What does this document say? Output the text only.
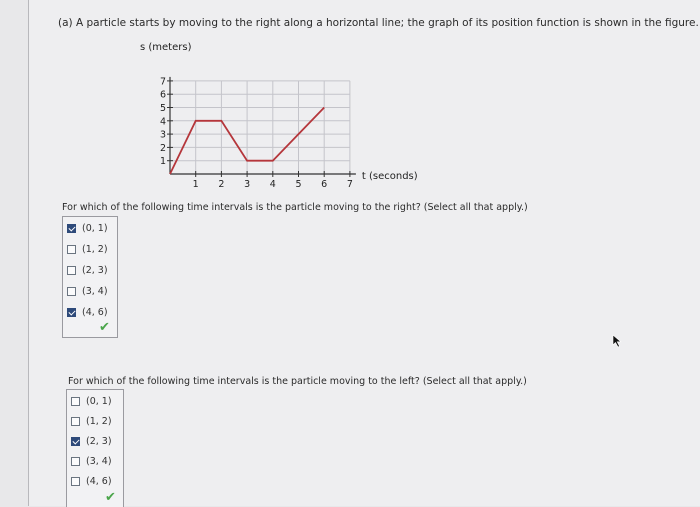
(a) A particle starts by moving to the right along a horizontal line; the graph of its position function is shown in the figure.
1 2 3 4 5 6 7
1
2
3
4
5
6
7
s (meters)
t (seconds)
For which of the following time intervals is the particle moving to the right? (Select all that apply.)
(0, 1)
(1, 2)
(2, 3)
(3, 4)
(4, 6)
✔
For which of the following time intervals is the particle moving to the left? (Select all that apply.)
(0, 1)
(1, 2)
(2, 3)
(3, 4)
(4, 6)
✔
